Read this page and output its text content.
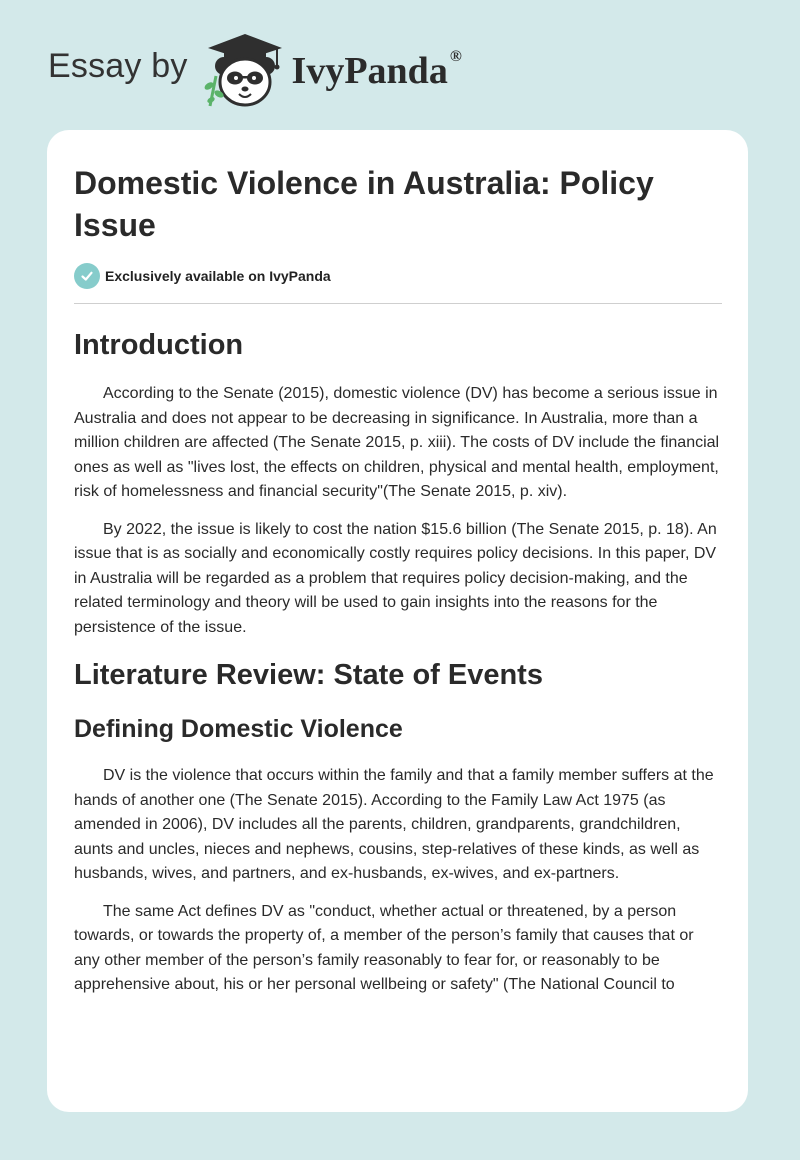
Essay by	IvyPanda ®
Domestic Violence in Australia: Policy Issue
Exclusively available on IvyPanda
Introduction

According to the Senate (2015), domestic violence (DV) has become a serious issue in Australia and does not appear to be decreasing in significance. In Australia, more than a million children are affected (The Senate 2015, p. xiii). The costs of DV include the financial ones as well as "lives lost, the effects on children, physical and mental health, employment, risk of homelessness and financial security"(The Senate 2015, p. xiv).

By 2022, the issue is likely to cost the nation $15.6 billion (The Senate 2015, p. 18). An issue that is as socially and economically costly requires policy decisions. In this paper, DV in Australia will be regarded as a problem that requires policy decision-making, and the related terminology and theory will be used to gain insights into the reasons for the persistence of the issue.

Literature Review: State of Events
Defining Domestic Violence

DV is the violence that occurs within the family and that a family member suffers at the hands of another one (The Senate 2015). According to the Family Law Act 1975 (as amended in 2006), DV includes all the parents, children, grandparents, grandchildren, aunts and uncles, nieces and nephews, cousins, step-relatives of these kinds, as well as husbands, wives, and partners, and ex-husbands, ex-wives, and ex-partners.

The same Act defines DV as "conduct, whether actual or threatened, by a person towards, or towards the property of, a member of the person’s family that causes that or any other member of the person’s family reasonably to fear for, or reasonably to be apprehensive about, his or her personal wellbeing or safety" (The National Council to
